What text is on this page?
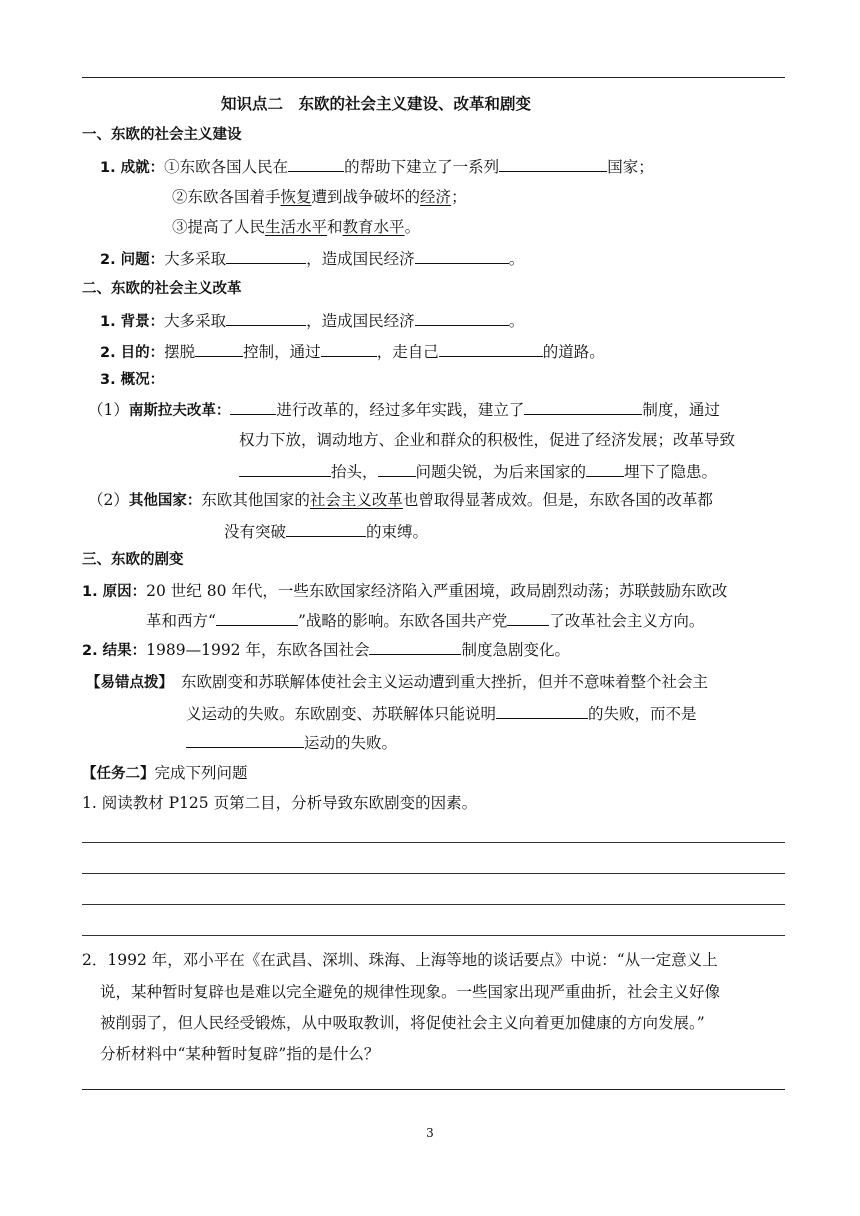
知识点二　东欧的社会主义建设、改革和剧变
一、东欧的社会主义建设
1. 成就：①东欧各国人民在	的帮助下建立了一系列	国家；
②东欧各国着手恢复遭到战争破坏的经济；
③提高了人民生活水平和教育水平。
2. 问题：大多采取	，造成国民经济	。
二、东欧的社会主义改革
1. 背景：大多采取	，造成国民经济	。
2. 目的：摆脱	控制，通过	，走自己	的道路。
3. 概况：
（1）南斯拉夫改革：	进行改革的，经过多年实践，建立了	制度，通过
权力下放，调动地方、企业和群众的积极性，促进了经济发展；改革导致
抬头， 问题尖锐，为后来国家的 埋下了隐患。
（2）其他国家：东欧其他国家的社会主义改革也曾取得显著成效。但是，东欧各国的改革都
没有突破	的束缚。
三、东欧的剧变
1. 原因：20 世纪 80 年代，一些东欧国家经济陷入严重困境，政局剧烈动荡；苏联鼓励东欧改
革和西方“	”战略的影响。东欧各国共产党	了改革社会主义方向。
2. 结果：1989—1992 年，东欧各国社会	制度急剧变化。
【易错点拨】 东欧剧变和苏联解体使社会主义运动遭到重大挫折，但并不意味着整个社会主
义运动的失败。东欧剧变、苏联解体只能说明	的失败，而不是
运动的失败。
【任务二】完成下列问题
1. 阅读教材 P125 页第二目，分析导致东欧剧变的因素。
2．1992 年，邓小平在《在武昌、深圳、珠海、上海等地的谈话要点》中说：“从一定意义上
说，某种暂时复辟也是难以完全避免的规律性现象。一些国家出现严重曲折，社会主义好像
被削弱了，但人民经受锻炼，从中吸取教训，将促使社会主义向着更加健康的方向发展。”
分析材料中“某种暂时复辟”指的是什么？
3
